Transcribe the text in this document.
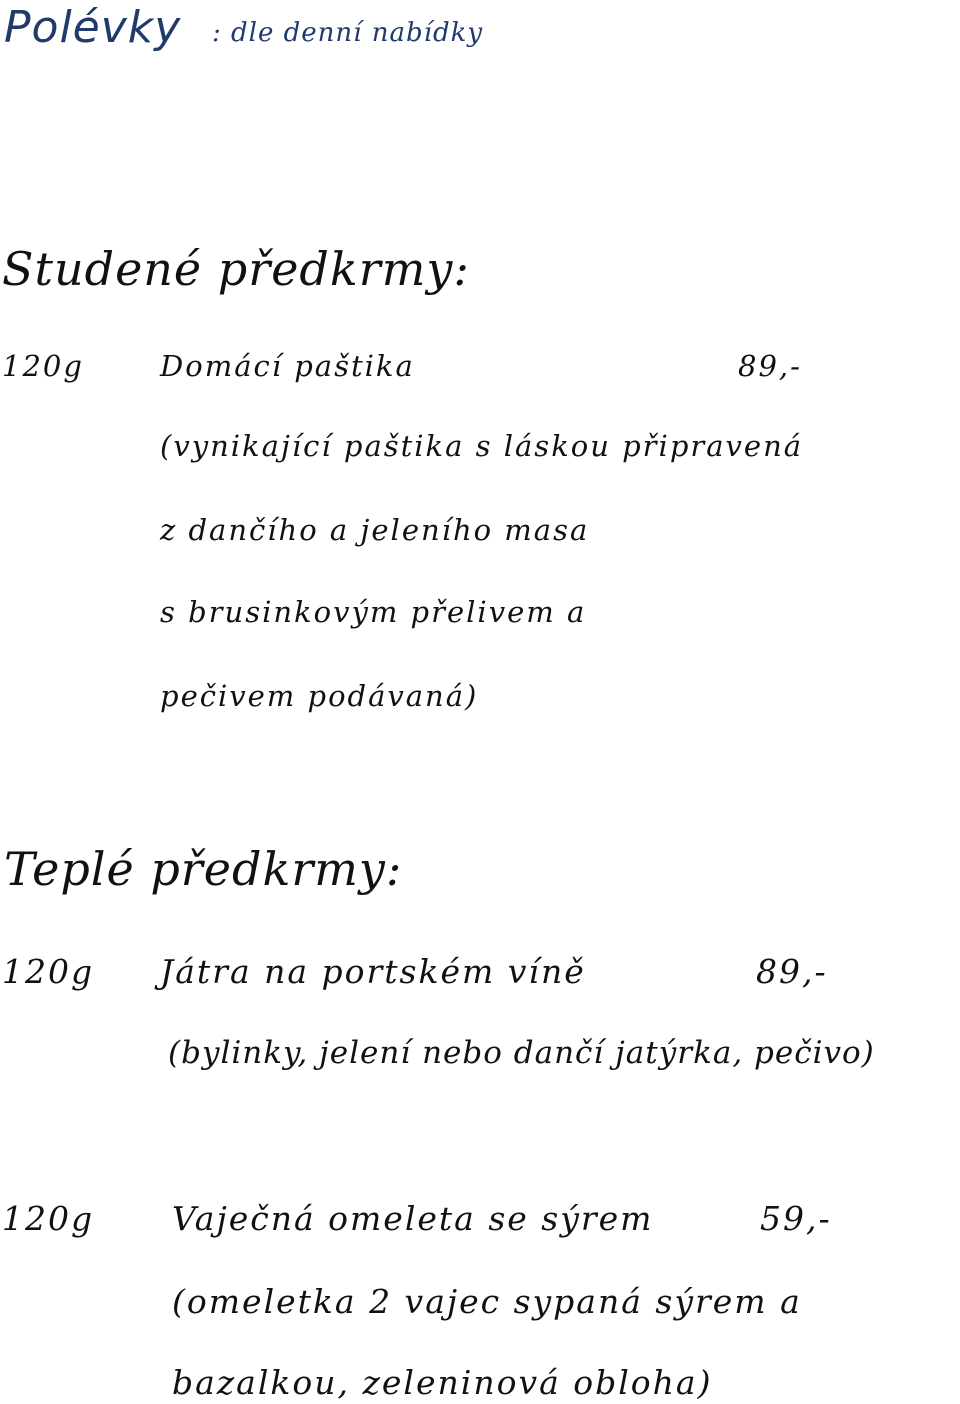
Polévky : dle denní nabídky
Studené předkrmy:
120g	Domácí paštika	89,-
(vynikající paštika s láskou připravená
z dančího a jeleního masa
s brusinkovým přelivem a
pečivem podávaná)
Teplé předkrmy:
120g Játra na portském víně	89,-
(bylinky, jelení nebo dančí jatýrka, pečivo)
120g Vaječná omeleta se sýrem	59,-
(omeletka 2 vajec sypaná sýrem a
bazalkou, zeleninová obloha)
